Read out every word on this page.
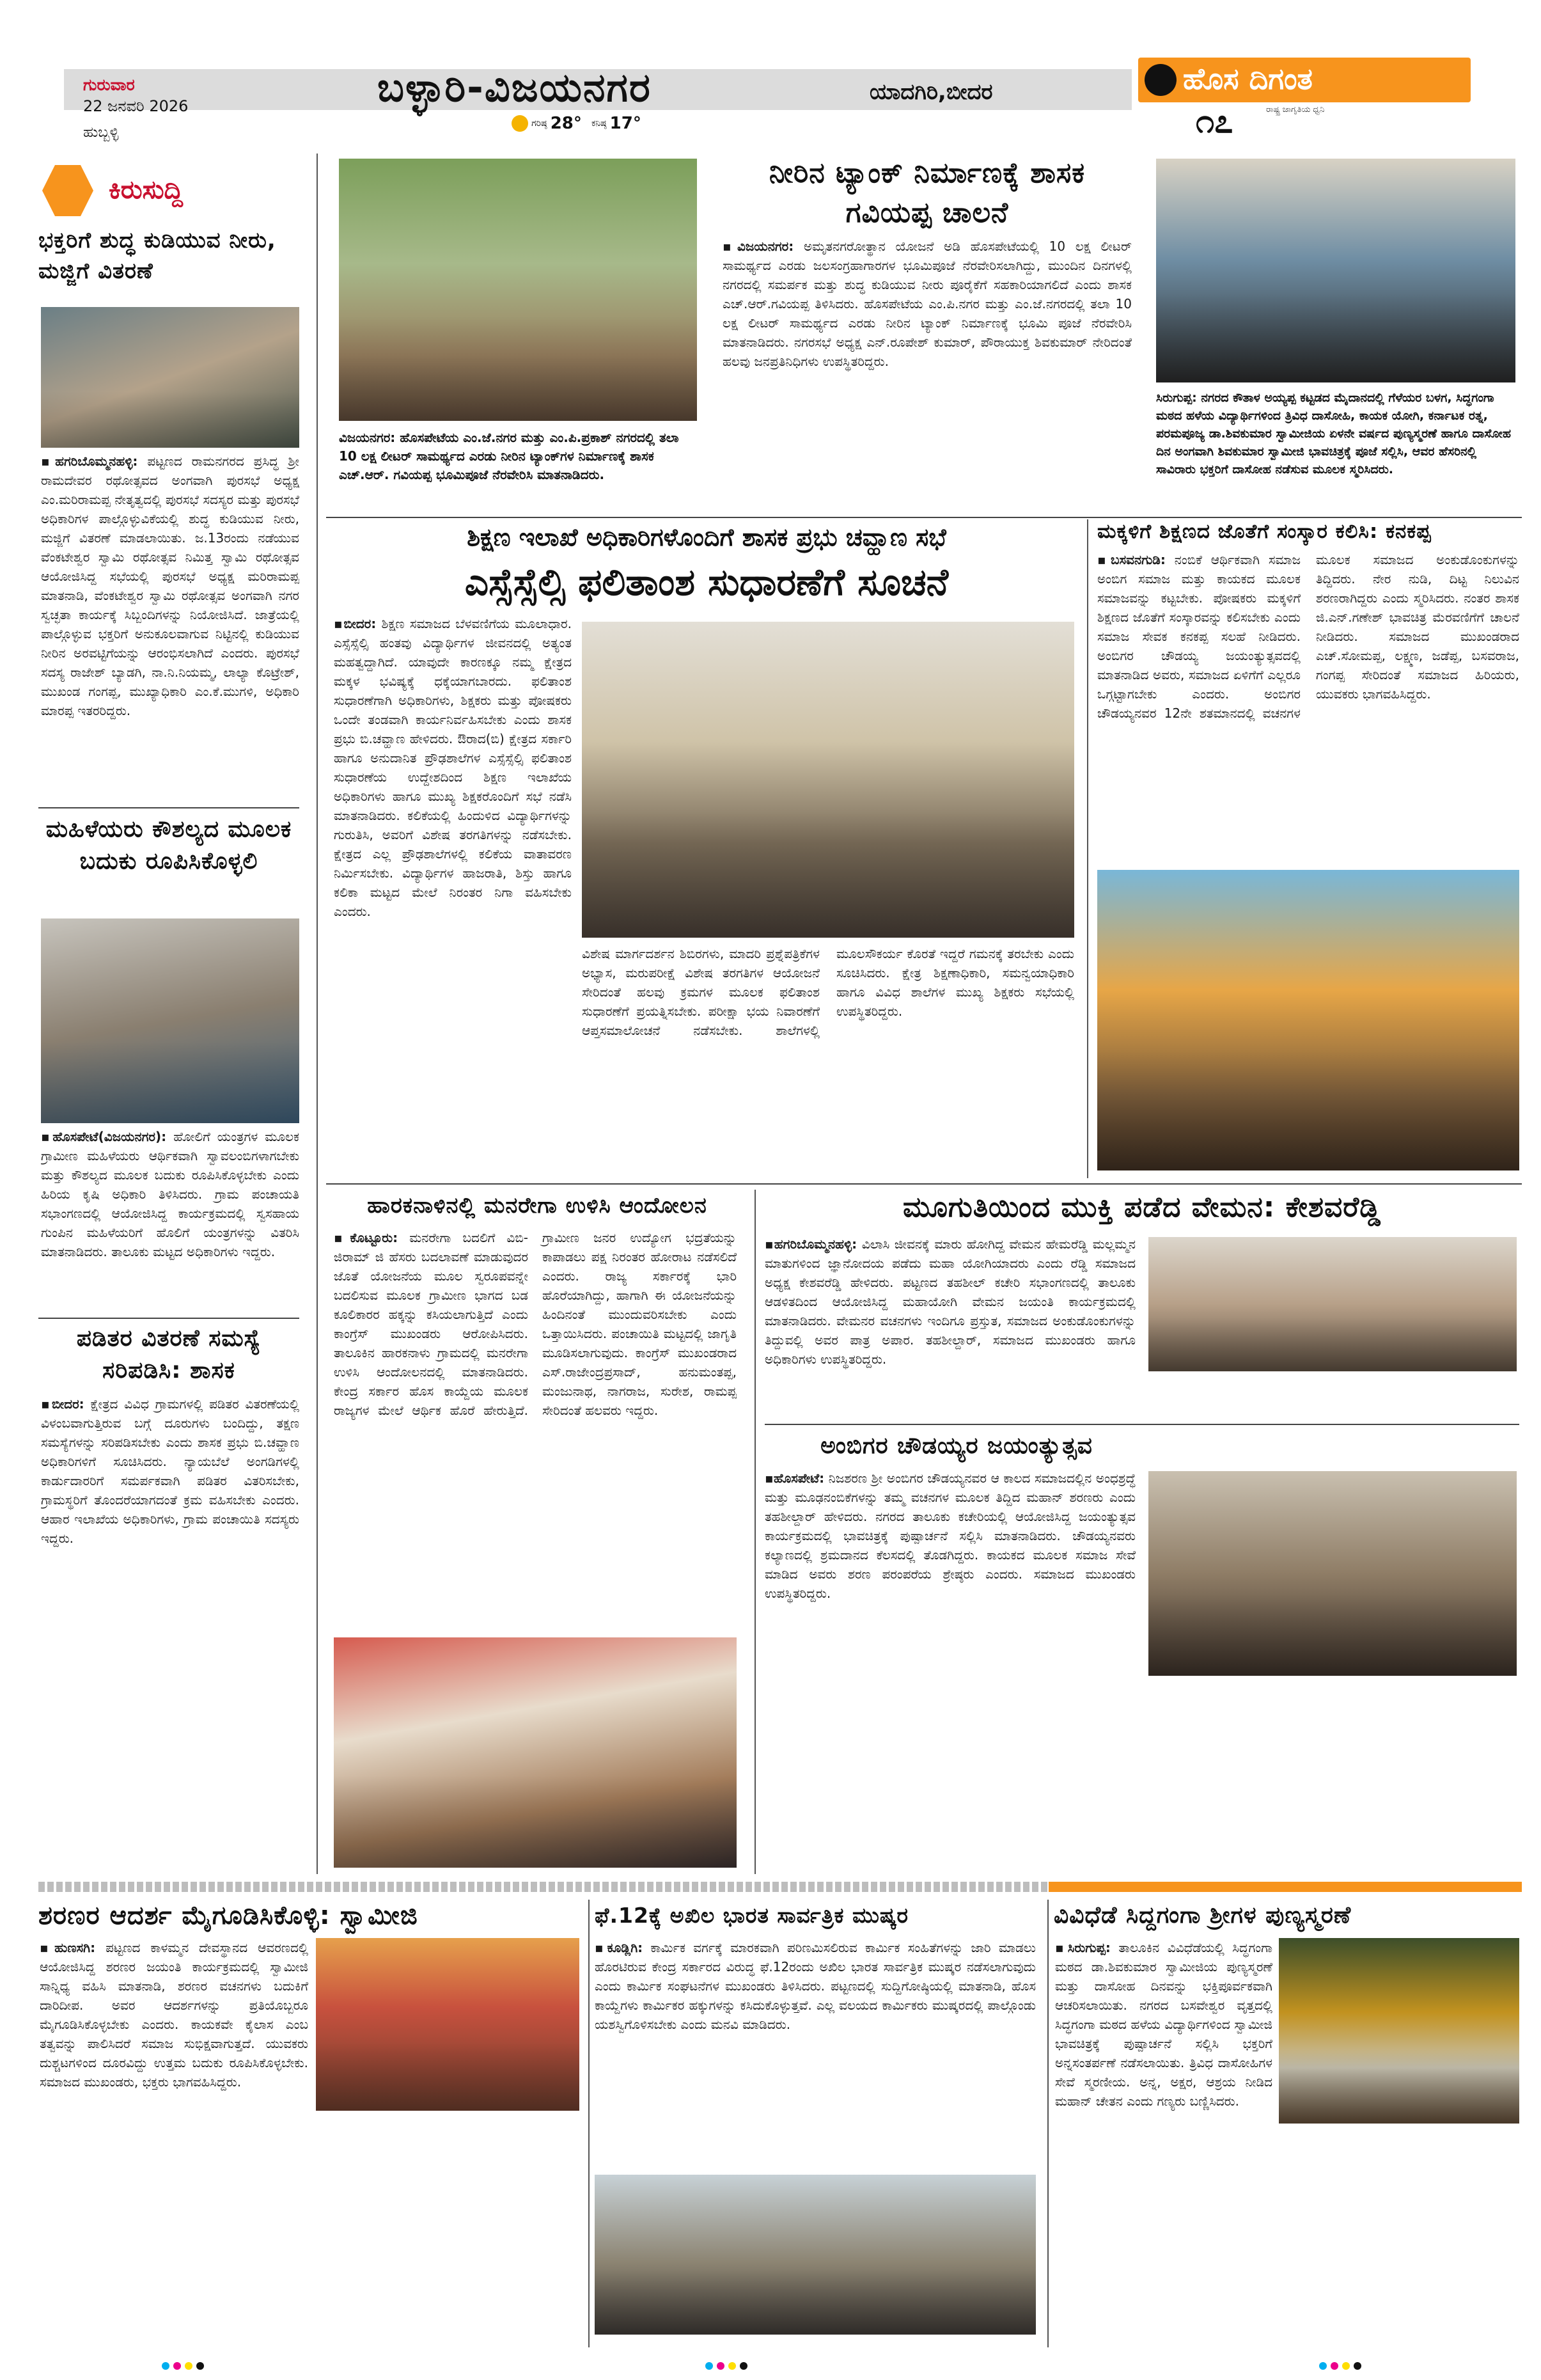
ಗುರುವಾರ
22 ಜನವರಿ 2026
ಹುಬ್ಬಳ್ಳಿ
ಬಳ್ಳಾರಿ-ವಿಜಯನಗರ	ಯಾದಗಿರಿ,ಬೀದರ
ಗರಿಷ್ಠ 28° ಕನಿಷ್ಠ 17°
ಹೊಸ ದಿಗಂತ
ರಾಷ್ಟ್ರ ಜಾಗೃತಿಯ ಧ್ವನಿ
೧೭
ಕಿರುಸುದ್ದಿ
ಭಕ್ತರಿಗೆ ಶುದ್ಧ ಕುಡಿಯುವ ನೀರು, ಮಜ್ಜಿಗೆ ವಿತರಣೆ
▪ಹಗರಿಬೊಮ್ಮನಹಳ್ಳಿ: ಪಟ್ಟಣದ ರಾಮನಗರದ ಪ್ರಸಿದ್ಧ ಶ್ರೀ ರಾಮದೇವರ ರಥೋತ್ಸವದ ಅಂಗವಾಗಿ ಪುರಸಭೆ ಅಧ್ಯಕ್ಷ ಎಂ.ಮರಿರಾಮಪ್ಪ ನೇತೃತ್ವದಲ್ಲಿ ಪುರಸಭೆ ಸದಸ್ಯರ ಮತ್ತು ಪುರಸಭೆ ಅಧಿಕಾರಿಗಳ ಪಾಲ್ಗೊಳ್ಳುವಿಕೆಯಲ್ಲಿ ಶುದ್ಧ ಕುಡಿಯುವ ನೀರು, ಮಜ್ಜಿಗೆ ವಿತರಣೆ ಮಾಡಲಾಯಿತು. ಜ.13ರಂದು ನಡೆಯುವ ವೆಂಕಟೇಶ್ವರ ಸ್ವಾಮಿ ರಥೋತ್ಸವ ನಿಮಿತ್ತ ಸ್ವಾಮಿ ರಥೋತ್ಸವ ಆಯೋಜಿಸಿದ್ದ ಸಭೆಯಲ್ಲಿ ಪುರಸಭೆ ಅಧ್ಯಕ್ಷ ಮರಿರಾಮಪ್ಪ ಮಾತನಾಡಿ, ವೆಂಕಟೇಶ್ವರ ಸ್ವಾಮಿ ರಥೋತ್ಸವ ಅಂಗವಾಗಿ ನಗರ ಸ್ವಚ್ಛತಾ ಕಾರ್ಯಕ್ಕೆ ಸಿಬ್ಬಂದಿಗಳನ್ನು ನಿಯೋಜಿಸಿದೆ. ಜಾತ್ರೆಯಲ್ಲಿ ಪಾಲ್ಗೊಳ್ಳುವ ಭಕ್ತರಿಗೆ ಅನುಕೂಲವಾಗುವ ನಿಟ್ಟಿನಲ್ಲಿ ಕುಡಿಯುವ ನೀರಿನ ಅರವಟ್ಟಿಗೆಯನ್ನು ಆರಂಭಿಸಲಾಗಿದೆ ಎಂದರು. ಪುರಸಭೆ ಸದಸ್ಯ ರಾಜೇಶ್ ಬ್ಯಾಡಗಿ, ನಾ.ನಿ.ನಿಯಮ್ಮ, ಲಾಲ್ಯಾ ಕೊಟ್ರೇಶ್, ಮುಖಂಡ ಗಂಗಪ್ಪ, ಮುಖ್ಯಾಧಿಕಾರಿ ಎಂ.ಕೆ.ಮುಗಳಿ, ಅಧಿಕಾರಿ ಮಾರಪ್ಪ ಇತರರಿದ್ದರು.
ಮಹಿಳೆಯರು ಕೌಶಲ್ಯದ ಮೂಲಕ ಬದುಕು ರೂಪಿಸಿಕೊಳ್ಳಲಿ
▪ಹೊಸಪೇಟೆ(ವಿಜಯನಗರ): ಹೋಲಿಗೆ ಯಂತ್ರಗಳ ಮೂಲಕ ಗ್ರಾಮೀಣ ಮಹಿಳೆಯರು ಆರ್ಥಿಕವಾಗಿ ಸ್ವಾವಲಂಬಿಗಳಾಗಬೇಕು ಮತ್ತು ಕೌಶಲ್ಯದ ಮೂಲಕ ಬದುಕು ರೂಪಿಸಿಕೊಳ್ಳಬೇಕು ಎಂದು ಹಿರಿಯ ಕೃಷಿ ಅಧಿಕಾರಿ ತಿಳಿಸಿದರು. ಗ್ರಾಮ ಪಂಚಾಯತಿ ಸಭಾಂಗಣದಲ್ಲಿ ಆಯೋಜಿಸಿದ್ದ ಕಾರ್ಯಕ್ರಮದಲ್ಲಿ ಸ್ವಸಹಾಯ ಗುಂಪಿನ ಮಹಿಳೆಯರಿಗೆ ಹೊಲಿಗೆ ಯಂತ್ರಗಳನ್ನು ವಿತರಿಸಿ ಮಾತನಾಡಿದರು. ತಾಲೂಕು ಮಟ್ಟದ ಅಧಿಕಾರಿಗಳು ಇದ್ದರು.
ಪಡಿತರ ವಿತರಣೆ ಸಮಸ್ಯೆ ಸರಿಪಡಿಸಿ: ಶಾಸಕ
▪ಬೀದರ: ಕ್ಷೇತ್ರದ ವಿವಿಧ ಗ್ರಾಮಗಳಲ್ಲಿ ಪಡಿತರ ವಿತರಣೆಯಲ್ಲಿ ವಿಳಂಬವಾಗುತ್ತಿರುವ ಬಗ್ಗೆ ದೂರುಗಳು ಬಂದಿದ್ದು, ತಕ್ಷಣ ಸಮಸ್ಯೆಗಳನ್ನು ಸರಿಪಡಿಸಬೇಕು ಎಂದು ಶಾಸಕ ಪ್ರಭು ಬಿ.ಚವ್ಹಾಣ ಅಧಿಕಾರಿಗಳಿಗೆ ಸೂಚಿಸಿದರು. ನ್ಯಾಯಬೆಲೆ ಅಂಗಡಿಗಳಲ್ಲಿ ಕಾರ್ಡುದಾರರಿಗೆ ಸಮರ್ಪಕವಾಗಿ ಪಡಿತರ ವಿತರಿಸಬೇಕು, ಗ್ರಾಮಸ್ಥರಿಗೆ ತೊಂದರೆಯಾಗದಂತೆ ಕ್ರಮ ವಹಿಸಬೇಕು ಎಂದರು. ಆಹಾರ ಇಲಾಖೆಯ ಅಧಿಕಾರಿಗಳು, ಗ್ರಾಮ ಪಂಚಾಯಿತಿ ಸದಸ್ಯರು ಇದ್ದರು.
ವಿಜಯನಗರ: ಹೊಸಪೇಟೆಯ ಎಂ.ಜೆ.ನಗರ ಮತ್ತು ಎಂ.ಪಿ.ಪ್ರಕಾಶ್ ನಗರದಲ್ಲಿ ತಲಾ 10 ಲಕ್ಷ ಲೀಟರ್ ಸಾಮರ್ಥ್ಯದ ಎರಡು ನೀರಿನ ಟ್ಯಾಂಕ್‌ಗಳ ನಿರ್ಮಾಣಕ್ಕೆ ಶಾಸಕ ಎಚ್.ಆರ್. ಗವಿಯಪ್ಪ ಭೂಮಿಪೂಜೆ ನೆರವೇರಿಸಿ ಮಾತನಾಡಿದರು.
ನೀರಿನ ಟ್ಯಾಂಕ್ ನಿರ್ಮಾಣಕ್ಕೆ ಶಾಸಕ ಗವಿಯಪ್ಪ ಚಾಲನೆ
▪ವಿಜಯನಗರ: ಅಮೃತನಗರೋತ್ಥಾನ ಯೋಜನೆ ಅಡಿ ಹೊಸಪೇಟೆಯಲ್ಲಿ 10 ಲಕ್ಷ ಲೀಟರ್ ಸಾಮರ್ಥ್ಯದ ಎರಡು ಜಲಸಂಗ್ರಹಾಗಾರಗಳ ಭೂಮಿಪೂಜೆ ನೆರವೇರಿಸಲಾಗಿದ್ದು, ಮುಂದಿನ ದಿನಗಳಲ್ಲಿ ನಗರದಲ್ಲಿ ಸಮರ್ಪಕ ಮತ್ತು ಶುದ್ಧ ಕುಡಿಯುವ ನೀರು ಪೂರೈಕೆಗೆ ಸಹಕಾರಿಯಾಗಲಿದೆ ಎಂದು ಶಾಸಕ ಎಚ್.ಆರ್.ಗವಿಯಪ್ಪ ತಿಳಿಸಿದರು. ಹೊಸಪೇಟೆಯ ಎಂ.ಪಿ.ನಗರ ಮತ್ತು ಎಂ.ಜೆ.ನಗರದಲ್ಲಿ ತಲಾ 10 ಲಕ್ಷ ಲೀಟರ್ ಸಾಮರ್ಥ್ಯದ ಎರಡು ನೀರಿನ ಟ್ಯಾಂಕ್ ನಿರ್ಮಾಣಕ್ಕೆ ಭೂಮಿ ಪೂಜೆ ನೆರವೇರಿಸಿ ಮಾತನಾಡಿದರು. ನಗರಸಭೆ ಅಧ್ಯಕ್ಷ ಎನ್.ರೂಪೇಶ್ ಕುಮಾರ್, ಪೌರಾಯುಕ್ತ ಶಿವಕುಮಾರ್ ನೇರಿದಂತೆ ಹಲವು ಜನಪ್ರತಿನಿಧಿಗಳು ಉಪಸ್ಥಿತರಿದ್ದರು.
ಸಿರುಗುಪ್ಪ: ನಗರದ ಕೌತಾಳ ಅಯ್ಯಪ್ಪ ಕಟ್ಟಡದ ಮೈದಾನದಲ್ಲಿ ಗೆಳೆಯರ ಬಳಗ, ಸಿದ್ಧಗಂಗಾ ಮಠದ ಹಳೆಯ ವಿದ್ಯಾರ್ಥಿಗಳಿಂದ ತ್ರಿವಿಧ ದಾಸೋಹಿ, ಕಾಯಕ ಯೋಗಿ, ಕರ್ನಾಟಕ ರತ್ನ, ಪರಮಪೂಜ್ಯ ಡಾ.ಶಿವಕುಮಾರ ಸ್ವಾಮೀಜಿಯ ಏಳನೇ ವರ್ಷದ ಪುಣ್ಯಸ್ಮರಣೆ ಹಾಗೂ ದಾಸೋಹ ದಿನ ಅಂಗವಾಗಿ ಶಿವಕುಮಾರ ಸ್ವಾಮೀಜಿ ಭಾವಚಿತ್ರಕ್ಕೆ ಪೂಜೆ ಸಲ್ಲಿಸಿ, ಆವರ ಹೆಸರಿನಲ್ಲಿ ಸಾವಿರಾರು ಭಕ್ತರಿಗೆ ದಾಸೋಹ ನಡೆಸುವ ಮೂಲಕ ಸ್ಮರಿಸಿದರು.
ಶಿಕ್ಷಣ ಇಲಾಖೆ ಅಧಿಕಾರಿಗಳೊಂದಿಗೆ ಶಾಸಕ ಪ್ರಭು ಚವ್ಹಾಣ ಸಭೆ
ಎಸ್ಸೆಸ್ಸೆಲ್ಸಿ ಫಲಿತಾಂಶ ಸುಧಾರಣೆಗೆ ಸೂಚನೆ
▪ಬೀದರ: ಶಿಕ್ಷಣ ಸಮಾಜದ ಬೆಳವಣಿಗೆಯ ಮೂಲಾಧಾರ. ಎಸ್ಸೆಸ್ಸೆಲ್ಸಿ ಹಂತವು ವಿದ್ಯಾರ್ಥಿಗಳ ಜೀವನದಲ್ಲಿ ಅತ್ಯಂತ ಮಹತ್ವದ್ದಾಗಿದೆ. ಯಾವುದೇ ಕಾರಣಕ್ಕೂ ನಮ್ಮ ಕ್ಷೇತ್ರದ ಮಕ್ಕಳ ಭವಿಷ್ಯಕ್ಕೆ ಧಕ್ಕೆಯಾಗಬಾರದು. ಫಲಿತಾಂಶ ಸುಧಾರಣೆಗಾಗಿ ಅಧಿಕಾರಿಗಳು, ಶಿಕ್ಷಕರು ಮತ್ತು ಪೋಷಕರು ಒಂದೇ ತಂಡವಾಗಿ ಕಾರ್ಯನಿರ್ವಹಿಸಬೇಕು ಎಂದು ಶಾಸಕ ಪ್ರಭು ಬಿ.ಚವ್ಹಾಣ ಹೇಳಿದರು. ಔರಾದ(ಬಿ) ಕ್ಷೇತ್ರದ ಸರ್ಕಾರಿ ಹಾಗೂ ಅನುದಾನಿತ ಪ್ರೌಢಶಾಲೆಗಳ ಎಸ್ಸೆಸ್ಸೆಲ್ಸಿ ಫಲಿತಾಂಶ ಸುಧಾರಣೆಯ ಉದ್ದೇಶದಿಂದ ಶಿಕ್ಷಣ ಇಲಾಖೆಯ ಅಧಿಕಾರಿಗಳು ಹಾಗೂ ಮುಖ್ಯ ಶಿಕ್ಷಕರೊಂದಿಗೆ ಸಭೆ ನಡೆಸಿ ಮಾತನಾಡಿದರು. ಕಲಿಕೆಯಲ್ಲಿ ಹಿಂದುಳಿದ ವಿದ್ಯಾರ್ಥಿಗಳನ್ನು ಗುರುತಿಸಿ, ಅವರಿಗೆ ವಿಶೇಷ ತರಗತಿಗಳನ್ನು ನಡೆಸಬೇಕು. ಕ್ಷೇತ್ರದ ಎಲ್ಲ ಪ್ರೌಢಶಾಲೆಗಳಲ್ಲಿ ಕಲಿಕೆಯ ವಾತಾವರಣ ನಿರ್ಮಿಸಬೇಕು. ವಿದ್ಯಾರ್ಥಿಗಳ ಹಾಜರಾತಿ, ಶಿಸ್ತು ಹಾಗೂ ಕಲಿಕಾ ಮಟ್ಟದ ಮೇಲೆ ನಿರಂತರ ನಿಗಾ ವಹಿಸಬೇಕು ಎಂದರು.
ವಿಶೇಷ ಮಾರ್ಗದರ್ಶನ ಶಿಬಿರಗಳು, ಮಾದರಿ ಪ್ರಶ್ನೆಪತ್ರಿಕೆಗಳ ಅಭ್ಯಾಸ, ಮರುಪರೀಕ್ಷೆ ವಿಶೇಷ ತರಗತಿಗಳ ಆಯೋಜನೆ ಸೇರಿದಂತೆ ಹಲವು ಕ್ರಮಗಳ ಮೂಲಕ ಫಲಿತಾಂಶ ಸುಧಾರಣೆಗೆ ಪ್ರಯತ್ನಿಸಬೇಕು. ಪರೀಕ್ಷಾ ಭಯ ನಿವಾರಣೆಗೆ ಆಪ್ತಸಮಾಲೋಚನೆ ನಡೆಸಬೇಕು. ಶಾಲೆಗಳಲ್ಲಿ ಮೂಲಸೌಕರ್ಯ ಕೊರತೆ ಇದ್ದರೆ ಗಮನಕ್ಕೆ ತರಬೇಕು ಎಂದು ಸೂಚಿಸಿದರು. ಕ್ಷೇತ್ರ ಶಿಕ್ಷಣಾಧಿಕಾರಿ, ಸಮನ್ವಯಾಧಿಕಾರಿ ಹಾಗೂ ವಿವಿಧ ಶಾಲೆಗಳ ಮುಖ್ಯ ಶಿಕ್ಷಕರು ಸಭೆಯಲ್ಲಿ ಉಪಸ್ಥಿತರಿದ್ದರು.
ಮಕ್ಕಳಿಗೆ ಶಿಕ್ಷಣದ ಜೊತೆಗೆ ಸಂಸ್ಕಾರ ಕಲಿಸಿ: ಕನಕಪ್ಪ
▪ಬಸವನಗುಡಿ: ನಂಬಿಕೆ ಆರ್ಥಿಕವಾಗಿ ಸಮಾಜ ಅಂಬಿಗ ಸಮಾಜ ಮತ್ತು ಕಾಯಕದ ಮೂಲಕ ಸಮಾಜವನ್ನು ಕಟ್ಟಬೇಕು. ಪೋಷಕರು ಮಕ್ಕಳಿಗೆ ಶಿಕ್ಷಣದ ಜೊತೆಗೆ ಸಂಸ್ಕಾರವನ್ನು ಕಲಿಸಬೇಕು ಎಂದು ಸಮಾಜ ಸೇವಕ ಕನಕಪ್ಪ ಸಲಹೆ ನೀಡಿದರು. ಅಂಬಿಗರ ಚೌಡಯ್ಯ ಜಯಂತ್ಯುತ್ಸವದಲ್ಲಿ ಮಾತನಾಡಿದ ಅವರು, ಸಮಾಜದ ಏಳಿಗೆಗೆ ಎಲ್ಲರೂ ಒಗ್ಗಟ್ಟಾಗಬೇಕು ಎಂದರು. ಅಂಬಿಗರ ಚೌಡಯ್ಯನವರ 12ನೇ ಶತಮಾನದಲ್ಲಿ ವಚನಗಳ ಮೂಲಕ ಸಮಾಜದ ಅಂಕುಡೊಂಕುಗಳನ್ನು ತಿದ್ದಿದರು. ನೇರ ನುಡಿ, ದಿಟ್ಟ ನಿಲುವಿನ ಶರಣರಾಗಿದ್ದರು ಎಂದು ಸ್ಮರಿಸಿದರು. ನಂತರ ಶಾಸಕ ಜಿ.ಎನ್.ಗಣೇಶ್ ಭಾವಚಿತ್ರ ಮೆರವಣಿಗೆಗೆ ಚಾಲನೆ ನೀಡಿದರು. ಸಮಾಜದ ಮುಖಂಡರಾದ ಎಚ್.ಸೋಮಪ್ಪ, ಲಕ್ಷ್ಮಣ, ಜಡೆಪ್ಪ, ಬಸವರಾಜ, ಗಂಗಪ್ಪ ಸೇರಿದಂತೆ ಸಮಾಜದ ಹಿರಿಯರು, ಯುವಕರು ಭಾಗವಹಿಸಿದ್ದರು.
ಹಾರಕನಾಳಿನಲ್ಲಿ ಮನರೇಗಾ ಉಳಿಸಿ ಆಂದೋಲನ
▪ಕೊಟ್ಟೂರು: ಮನರೇಗಾ ಬದಲಿಗೆ ವಿಬಿ-ಜಿರಾಮ್ ಜಿ ಹೆಸರು ಬದಲಾವಣೆ ಮಾಡುವುದರ ಜೊತೆ ಯೋಜನೆಯ ಮೂಲ ಸ್ವರೂಪವನ್ನೇ ಬದಲಿಸುವ ಮೂಲಕ ಗ್ರಾಮೀಣ ಭಾಗದ ಬಡ ಕೂಲಿಕಾರರ ಹಕ್ಕನ್ನು ಕಸಿಯಲಾಗುತ್ತಿದೆ ಎಂದು ಕಾಂಗ್ರೆಸ್ ಮುಖಂಡರು ಆರೋಪಿಸಿದರು. ತಾಲೂಕಿನ ಹಾರಕನಾಳು ಗ್ರಾಮದಲ್ಲಿ ಮನರೇಗಾ ಉಳಿಸಿ ಆಂದೋಲನದಲ್ಲಿ ಮಾತನಾಡಿದರು. ಕೇಂದ್ರ ಸರ್ಕಾರ ಹೊಸ ಕಾಯ್ದೆಯ ಮೂಲಕ ರಾಜ್ಯಗಳ ಮೇಲೆ ಆರ್ಥಿಕ ಹೊರೆ ಹೇರುತ್ತಿದೆ. ಗ್ರಾಮೀಣ ಜನರ ಉದ್ಯೋಗ ಭದ್ರತೆಯನ್ನು ಕಾಪಾಡಲು ಪಕ್ಷ ನಿರಂತರ ಹೋರಾಟ ನಡೆಸಲಿದೆ ಎಂದರು. ರಾಜ್ಯ ಸರ್ಕಾರಕ್ಕೆ ಭಾರಿ ಹೊರೆಯಾಗಿದ್ದು, ಹಾಗಾಗಿ ಈ ಯೋಜನೆಯನ್ನು ಹಿಂದಿನಂತೆ ಮುಂದುವರಿಸಬೇಕು ಎಂದು ಒತ್ತಾಯಿಸಿದರು. ಪಂಚಾಯಿತಿ ಮಟ್ಟದಲ್ಲಿ ಜಾಗೃತಿ ಮೂಡಿಸಲಾಗುವುದು. ಕಾಂಗ್ರೆಸ್ ಮುಖಂಡರಾದ ಎಸ್.ರಾಜೇಂದ್ರಪ್ರಸಾದ್, ಹನುಮಂತಪ್ಪ, ಮಂಜುನಾಥ, ನಾಗರಾಜ, ಸುರೇಶ, ರಾಮಪ್ಪ ಸೇರಿದಂತೆ ಹಲವರು ಇದ್ದರು.
ಮೂಗುತಿಯಿಂದ ಮುಕ್ತಿ ಪಡೆದ ವೇಮನ: ಕೇಶವರೆಡ್ಡಿ
▪ಹಗರಿಬೊಮ್ಮನಹಳ್ಳಿ: ವಿಲಾಸಿ ಜೀವನಕ್ಕೆ ಮಾರು ಹೋಗಿದ್ದ ವೇಮನ ಹೇಮರೆಡ್ಡಿ ಮಲ್ಲಮ್ಮನ ಮಾತುಗಳಿಂದ ಜ್ಞಾನೋದಯ ಪಡೆದು ಮಹಾ ಯೋಗಿಯಾದರು ಎಂದು ರೆಡ್ಡಿ ಸಮಾಜದ ಅಧ್ಯಕ್ಷ ಕೇಶವರೆಡ್ಡಿ ಹೇಳಿದರು. ಪಟ್ಟಣದ ತಹಶೀಲ್ ಕಚೇರಿ ಸಭಾಂಗಣದಲ್ಲಿ ತಾಲೂಕು ಆಡಳಿತದಿಂದ ಆಯೋಜಿಸಿದ್ದ ಮಹಾಯೋಗಿ ವೇಮನ ಜಯಂತಿ ಕಾರ್ಯಕ್ರಮದಲ್ಲಿ ಮಾತನಾಡಿದರು. ವೇಮನರ ವಚನಗಳು ಇಂದಿಗೂ ಪ್ರಸ್ತುತ, ಸಮಾಜದ ಅಂಕುಡೊಂಕುಗಳನ್ನು ತಿದ್ದುವಲ್ಲಿ ಅವರ ಪಾತ್ರ ಅಪಾರ. ತಹಶೀಲ್ದಾರ್, ಸಮಾಜದ ಮುಖಂಡರು ಹಾಗೂ ಅಧಿಕಾರಿಗಳು ಉಪಸ್ಥಿತರಿದ್ದರು.
ಅಂಬಿಗರ ಚೌಡಯ್ಯರ ಜಯಂತ್ಯುತ್ಸವ
▪ಹೊಸಪೇಟೆ: ನಿಜಶರಣ ಶ್ರೀ ಅಂಬಿಗರ ಚೌಡಯ್ಯನವರ ಆ ಕಾಲದ ಸಮಾಜದಲ್ಲಿನ ಅಂಧಶ್ರದ್ಧೆ ಮತ್ತು ಮೂಢನಂಬಿಕೆಗಳನ್ನು ತಮ್ಮ ವಚನಗಳ ಮೂಲಕ ತಿದ್ದಿದ ಮಹಾನ್ ಶರಣರು ಎಂದು ತಹಶೀಲ್ದಾರ್ ಹೇಳಿದರು. ನಗರದ ತಾಲೂಕು ಕಚೇರಿಯಲ್ಲಿ ಆಯೋಜಿಸಿದ್ದ ಜಯಂತ್ಯುತ್ಸವ ಕಾರ್ಯಕ್ರಮದಲ್ಲಿ ಭಾವಚಿತ್ರಕ್ಕೆ ಪುಷ್ಪಾರ್ಚನೆ ಸಲ್ಲಿಸಿ ಮಾತನಾಡಿದರು. ಚೌಡಯ್ಯನವರು ಕಲ್ಯಾಣದಲ್ಲಿ ಶ್ರಮದಾನದ ಕೆಲಸದಲ್ಲಿ ತೊಡಗಿದ್ದರು. ಕಾಯಕದ ಮೂಲಕ ಸಮಾಜ ಸೇವೆ ಮಾಡಿದ ಅವರು ಶರಣ ಪರಂಪರೆಯ ಶ್ರೇಷ್ಠರು ಎಂದರು. ಸಮಾಜದ ಮುಖಂಡರು ಉಪಸ್ಥಿತರಿದ್ದರು.
ಶರಣರ ಆದರ್ಶ ಮೈಗೂಡಿಸಿಕೊಳ್ಳಿ: ಸ್ವಾಮೀಜಿ
▪ಹುಣಸಗಿ: ಪಟ್ಟಣದ ಕಾಳಮ್ಮನ ದೇವಸ್ಥಾನದ ಆವರಣದಲ್ಲಿ ಆಯೋಜಿಸಿದ್ದ ಶರಣರ ಜಯಂತಿ ಕಾರ್ಯಕ್ರಮದಲ್ಲಿ ಸ್ವಾಮೀಜಿ ಸಾನ್ನಿಧ್ಯ ವಹಿಸಿ ಮಾತನಾಡಿ, ಶರಣರ ವಚನಗಳು ಬದುಕಿಗೆ ದಾರಿದೀಪ. ಅವರ ಆದರ್ಶಗಳನ್ನು ಪ್ರತಿಯೊಬ್ಬರೂ ಮೈಗೂಡಿಸಿಕೊಳ್ಳಬೇಕು ಎಂದರು. ಕಾಯಕವೇ ಕೈಲಾಸ ಎಂಬ ತತ್ವವನ್ನು ಪಾಲಿಸಿದರೆ ಸಮಾಜ ಸುಭಿಕ್ಷವಾಗುತ್ತದೆ. ಯುವಕರು ದುಶ್ಚಟಗಳಿಂದ ದೂರವಿದ್ದು ಉತ್ತಮ ಬದುಕು ರೂಪಿಸಿಕೊಳ್ಳಬೇಕು. ಸಮಾಜದ ಮುಖಂಡರು, ಭಕ್ತರು ಭಾಗವಹಿಸಿದ್ದರು.
ಫೆ.12ಕ್ಕೆ ಅಖಿಲ ಭಾರತ ಸಾರ್ವತ್ರಿಕ ಮುಷ್ಕರ
▪ಕೂಡ್ಲಿಗಿ: ಕಾರ್ಮಿಕ ವರ್ಗಕ್ಕೆ ಮಾರಕವಾಗಿ ಪರಿಣಮಿಸಲಿರುವ ಕಾರ್ಮಿಕ ಸಂಹಿತೆಗಳನ್ನು ಜಾರಿ ಮಾಡಲು ಹೊರಟಿರುವ ಕೇಂದ್ರ ಸರ್ಕಾರದ ವಿರುದ್ಧ ಫೆ.12ರಂದು ಅಖಿಲ ಭಾರತ ಸಾರ್ವತ್ರಿಕ ಮುಷ್ಕರ ನಡೆಸಲಾಗುವುದು ಎಂದು ಕಾರ್ಮಿಕ ಸಂಘಟನೆಗಳ ಮುಖಂಡರು ತಿಳಿಸಿದರು. ಪಟ್ಟಣದಲ್ಲಿ ಸುದ್ದಿಗೋಷ್ಠಿಯಲ್ಲಿ ಮಾತನಾಡಿ, ಹೊಸ ಕಾಯ್ದೆಗಳು ಕಾರ್ಮಿಕರ ಹಕ್ಕುಗಳನ್ನು ಕಸಿದುಕೊಳ್ಳುತ್ತವೆ. ಎಲ್ಲ ವಲಯದ ಕಾರ್ಮಿಕರು ಮುಷ್ಕರದಲ್ಲಿ ಪಾಲ್ಗೊಂಡು ಯಶಸ್ವಿಗೊಳಿಸಬೇಕು ಎಂದು ಮನವಿ ಮಾಡಿದರು.
ವಿವಿಧೆಡೆ ಸಿದ್ದಗಂಗಾ ಶ್ರೀಗಳ ಪುಣ್ಯಸ್ಮರಣೆ
▪ಸಿರುಗುಪ್ಪ: ತಾಲೂಕಿನ ವಿವಿಧೆಡೆಯಲ್ಲಿ ಸಿದ್ಧಗಂಗಾ ಮಠದ ಡಾ.ಶಿವಕುಮಾರ ಸ್ವಾಮೀಜಿಯ ಪುಣ್ಯಸ್ಮರಣೆ ಮತ್ತು ದಾಸೋಹ ದಿನವನ್ನು ಭಕ್ತಿಪೂರ್ವಕವಾಗಿ ಆಚರಿಸಲಾಯಿತು. ನಗರದ ಬಸವೇಶ್ವರ ವೃತ್ತದಲ್ಲಿ ಸಿದ್ಧಗಂಗಾ ಮಠದ ಹಳೆಯ ವಿದ್ಯಾರ್ಥಿಗಳಿಂದ ಸ್ವಾಮೀಜಿ ಭಾವಚಿತ್ರಕ್ಕೆ ಪುಷ್ಪಾರ್ಚನೆ ಸಲ್ಲಿಸಿ ಭಕ್ತರಿಗೆ ಅನ್ನಸಂತರ್ಪಣೆ ನಡೆಸಲಾಯಿತು. ತ್ರಿವಿಧ ದಾಸೋಹಿಗಳ ಸೇವೆ ಸ್ಮರಣೀಯ. ಅನ್ನ, ಅಕ್ಷರ, ಆಶ್ರಯ ನೀಡಿದ ಮಹಾನ್ ಚೇತನ ಎಂದು ಗಣ್ಯರು ಬಣ್ಣಿಸಿದರು.
